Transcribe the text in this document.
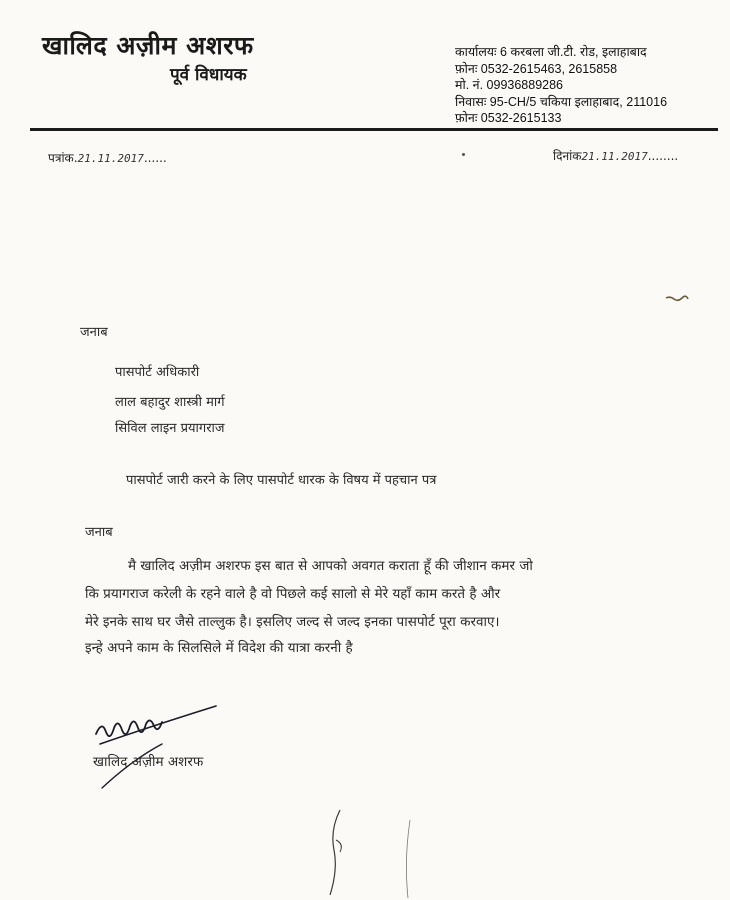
खालिद अज़ीम अशरफ
पूर्व विधायक
कार्यालयः 6 करबला जी.टी. रोड, इलाहाबाद
फ़ोनः 0532-2615463, 2615858
मो. नं. 09936889286
निवासः 95-CH/5 चकिया इलाहाबाद, 211016
फ़ोनः 0532-2615133
पत्रांक.21.11.2017......	दिनांक21.11.2017........
जनाब
पासपोर्ट अधिकारी
लाल बहादुर शास्त्री मार्ग
सिविल लाइन प्रयागराज
पासपोर्ट जारी करने के लिए पासपोर्ट धारक के विषय में पहचान पत्र
जनाब
मै खालिद अज़ीम अशरफ इस बात से आपको अवगत कराता हूँ की जीशान कमर जो
कि प्रयागराज करेली के रहने वाले है वो पिछले कई सालो से मेरे यहाँ काम करते है और
मेरे इनके साथ घर जैसे ताल्लुक है। इसलिए जल्द से जल्द इनका पासपोर्ट पूरा करवाए।
इन्हे अपने काम के सिलसिले में विदेश की यात्रा करनी है
खालिद अज़ीम अशरफ
